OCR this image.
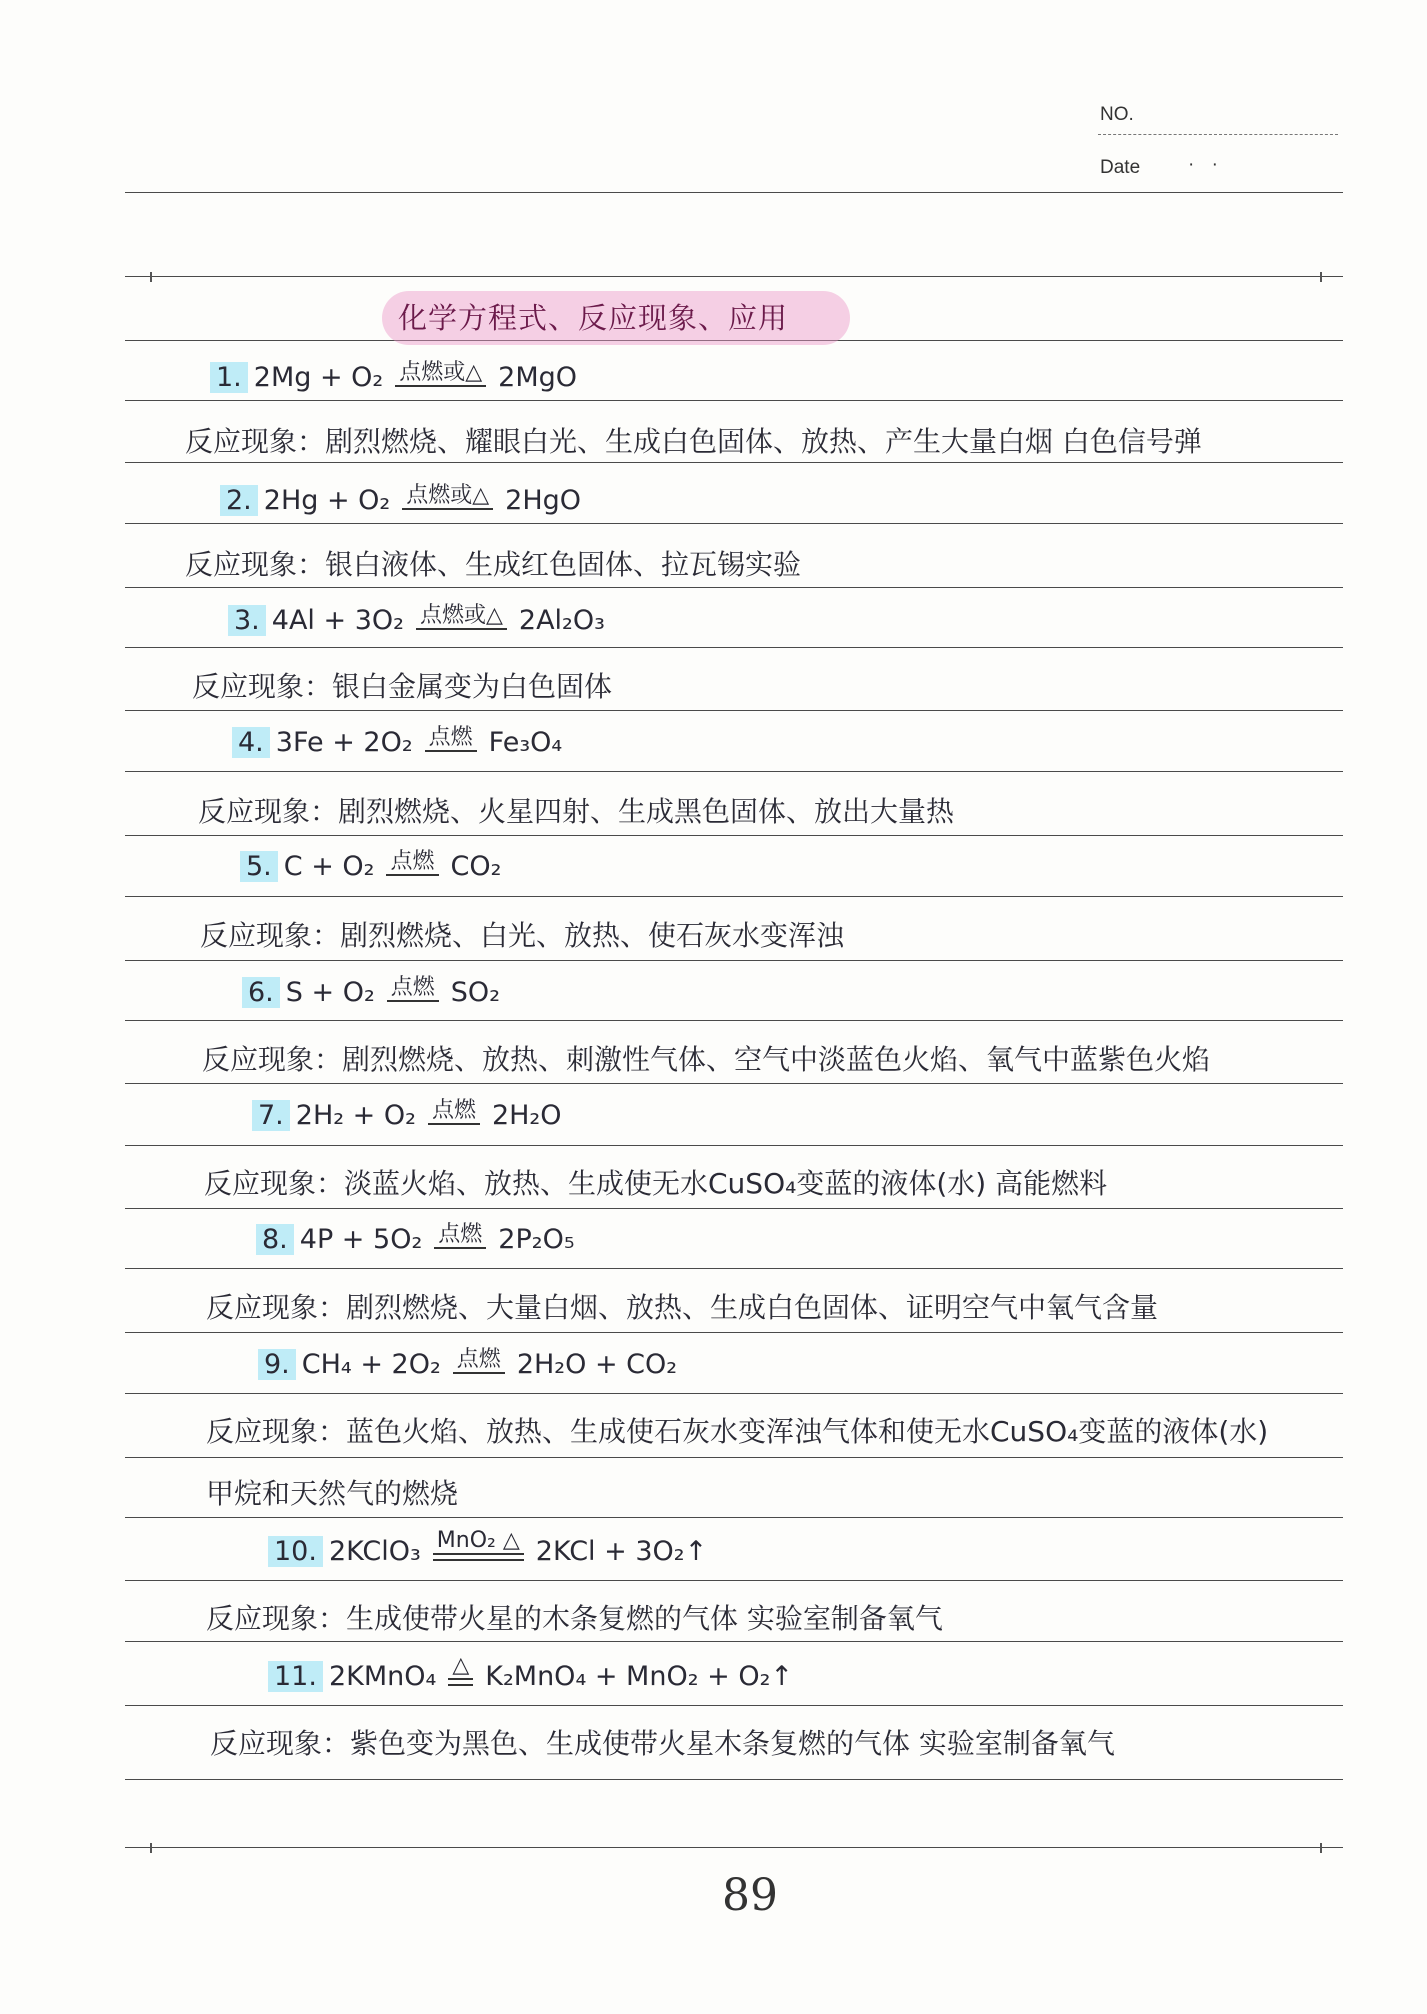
NO.
Date	· ·
化学方程式、反应现象、应用
1. 2Mg + O₂ 点燃或△ 2MgO
反应现象：剧烈燃烧、耀眼白光、生成白色固体、放热、产生大量白烟 白色信号弹
2. 2Hg + O₂ 点燃或△ 2HgO
反应现象：银白液体、生成红色固体、拉瓦锡实验
3. 4Al + 3O₂ 点燃或△ 2Al₂O₃
反应现象：银白金属变为白色固体
4. 3Fe + 2O₂ 点燃 Fe₃O₄
反应现象：剧烈燃烧、火星四射、生成黑色固体、放出大量热
5. C + O₂ 点燃 CO₂
反应现象：剧烈燃烧、白光、放热、使石灰水变浑浊
6. S + O₂ 点燃 SO₂
反应现象：剧烈燃烧、放热、刺激性气体、空气中淡蓝色火焰、氧气中蓝紫色火焰
7. 2H₂ + O₂ 点燃 2H₂O
反应现象：淡蓝火焰、放热、生成使无水CuSO₄变蓝的液体(水) 高能燃料
8. 4P + 5O₂ 点燃 2P₂O₅
反应现象：剧烈燃烧、大量白烟、放热、生成白色固体、证明空气中氧气含量
9. CH₄ + 2O₂ 点燃 2H₂O + CO₂
反应现象：蓝色火焰、放热、生成使石灰水变浑浊气体和使无水CuSO₄变蓝的液体(水)
甲烷和天然气的燃烧
10. 2KClO₃ MnO₂ △ 2KCl + 3O₂↑
反应现象：生成使带火星的木条复燃的气体 实验室制备氧气
11. 2KMnO₄ △ K₂MnO₄ + MnO₂ + O₂↑
反应现象：紫色变为黑色、生成使带火星木条复燃的气体 实验室制备氧气
89
